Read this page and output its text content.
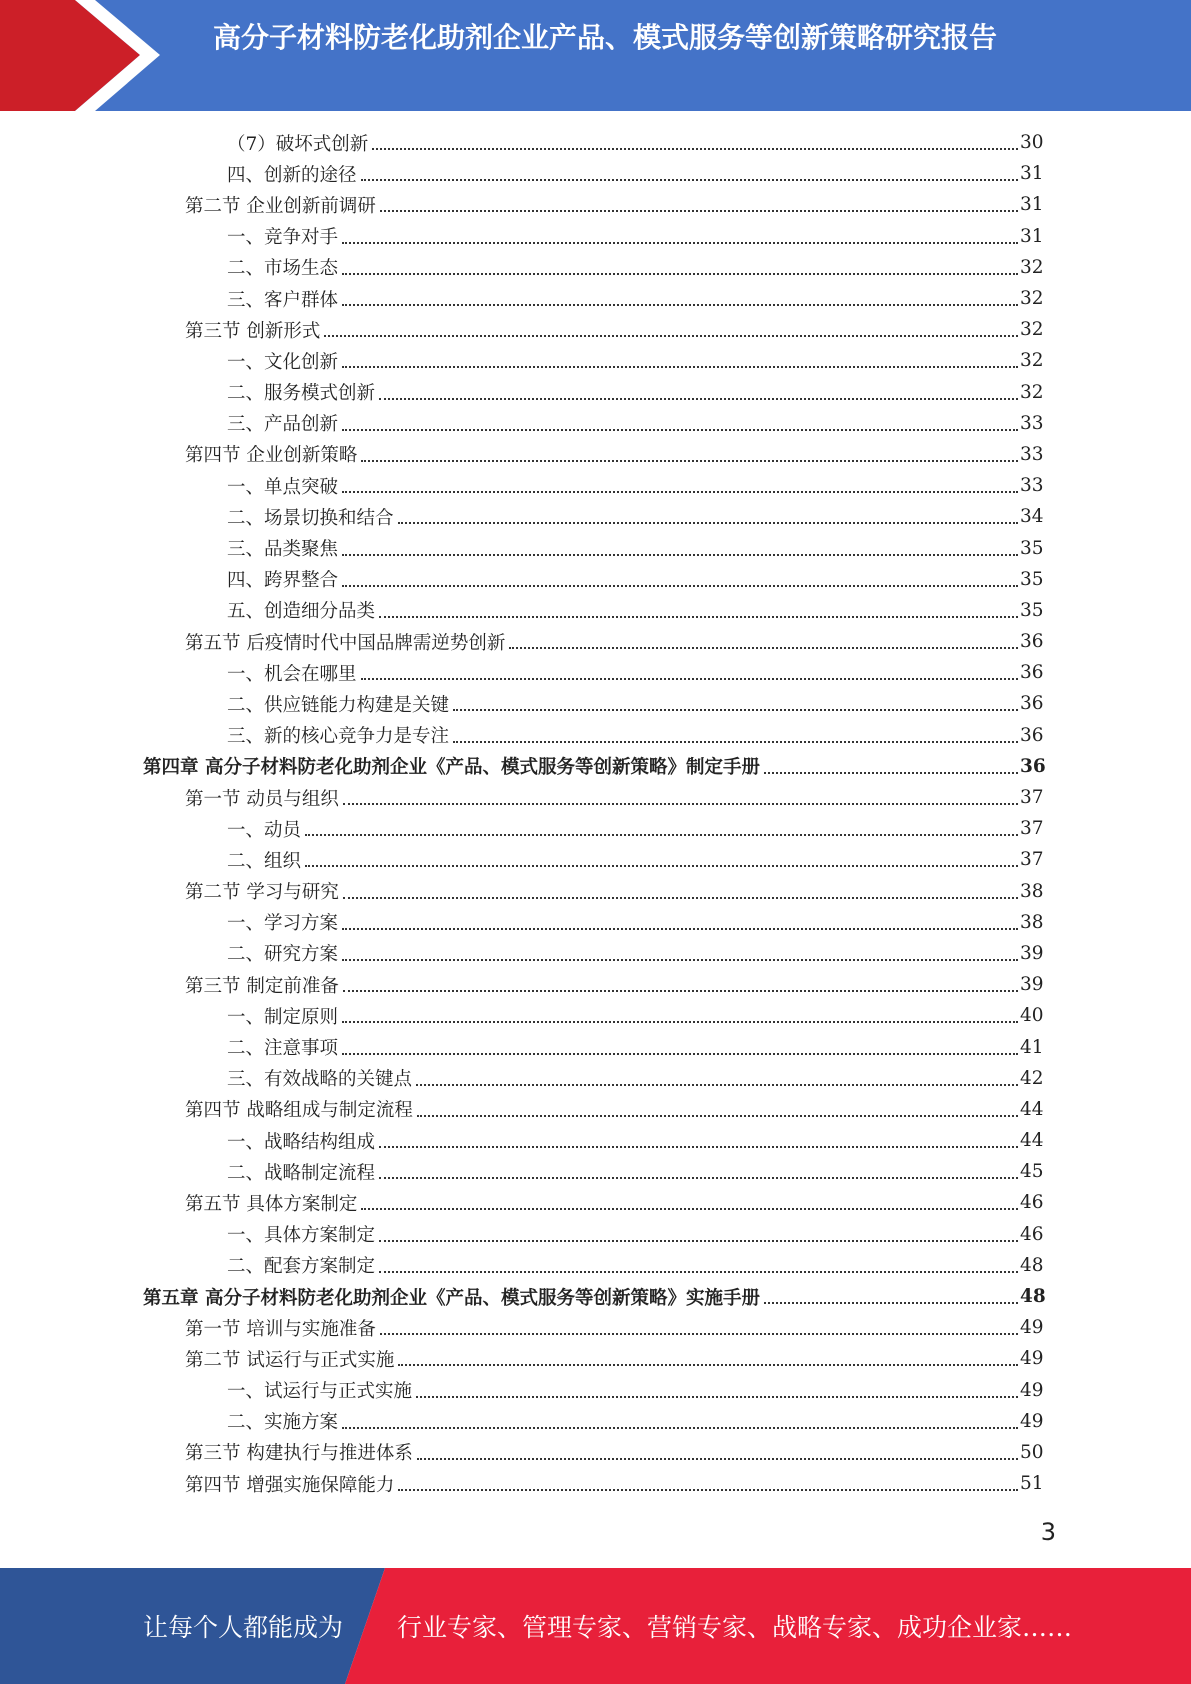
高分子材料防老化助剂企业产品、模式服务等创新策略研究报告
（7）破坏式创新	30
四、创新的途径	31
第二节 企业创新前调研	31
一、竞争对手	31
二、市场生态	32
三、客户群体	32
第三节 创新形式	32
一、文化创新	32
二、服务模式创新	32
三、产品创新	33
第四节 企业创新策略	33
一、单点突破	33
二、场景切换和结合	34
三、品类聚焦	35
四、跨界整合	35
五、创造细分品类	35
第五节 后疫情时代中国品牌需逆势创新	36
一、机会在哪里	36
二、供应链能力构建是关键	36
三、新的核心竞争力是专注	36
第四章 高分子材料防老化助剂企业《产品、模式服务等创新策略》制定手册	36
第一节 动员与组织	37
一、动员	37
二、组织	37
第二节 学习与研究	38
一、学习方案	38
二、研究方案	39
第三节 制定前准备	39
一、制定原则	40
二、注意事项	41
三、有效战略的关键点	42
第四节 战略组成与制定流程	44
一、战略结构组成	44
二、战略制定流程	45
第五节 具体方案制定	46
一、具体方案制定	46
二、配套方案制定	48
第五章 高分子材料防老化助剂企业《产品、模式服务等创新策略》实施手册	48
第一节 培训与实施准备	49
第二节 试运行与正式实施	49
一、试运行与正式实施	49
二、实施方案	49
第三节 构建执行与推进体系	50
第四节 增强实施保障能力	51
3
让每个人都能成为 行业专家、管理专家、营销专家、战略专家、成功企业家……
